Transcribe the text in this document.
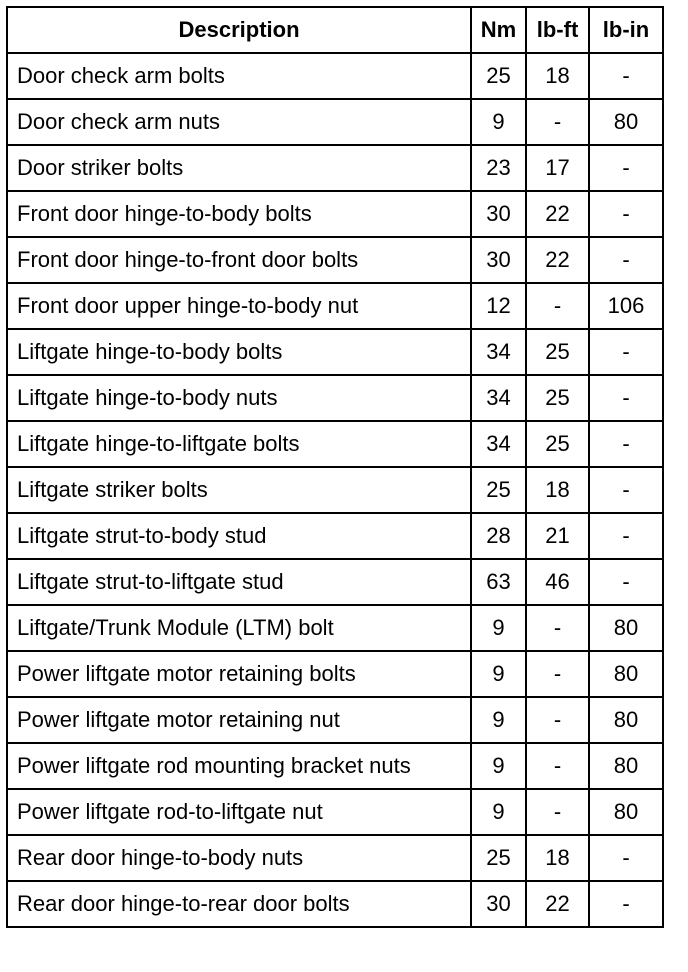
Description	Nm	lb-ft	lb-in
Door check arm bolts	25	18	-
Door check arm nuts	9	-	80
Door striker bolts	23	17	-
Front door hinge-to-body bolts	30	22	-
Front door hinge-to-front door bolts	30	22	-
Front door upper hinge-to-body nut	12	-	106
Liftgate hinge-to-body bolts	34	25	-
Liftgate hinge-to-body nuts	34	25	-
Liftgate hinge-to-liftgate bolts	34	25	-
Liftgate striker bolts	25	18	-
Liftgate strut-to-body stud	28	21	-
Liftgate strut-to-liftgate stud	63	46	-
Liftgate/Trunk Module (LTM) bolt	9	-	80
Power liftgate motor retaining bolts	9	-	80
Power liftgate motor retaining nut	9	-	80
Power liftgate rod mounting bracket nuts	9	-	80
Power liftgate rod-to-liftgate nut	9	-	80
Rear door hinge-to-body nuts	25	18	-
Rear door hinge-to-rear door bolts	30	22	-
